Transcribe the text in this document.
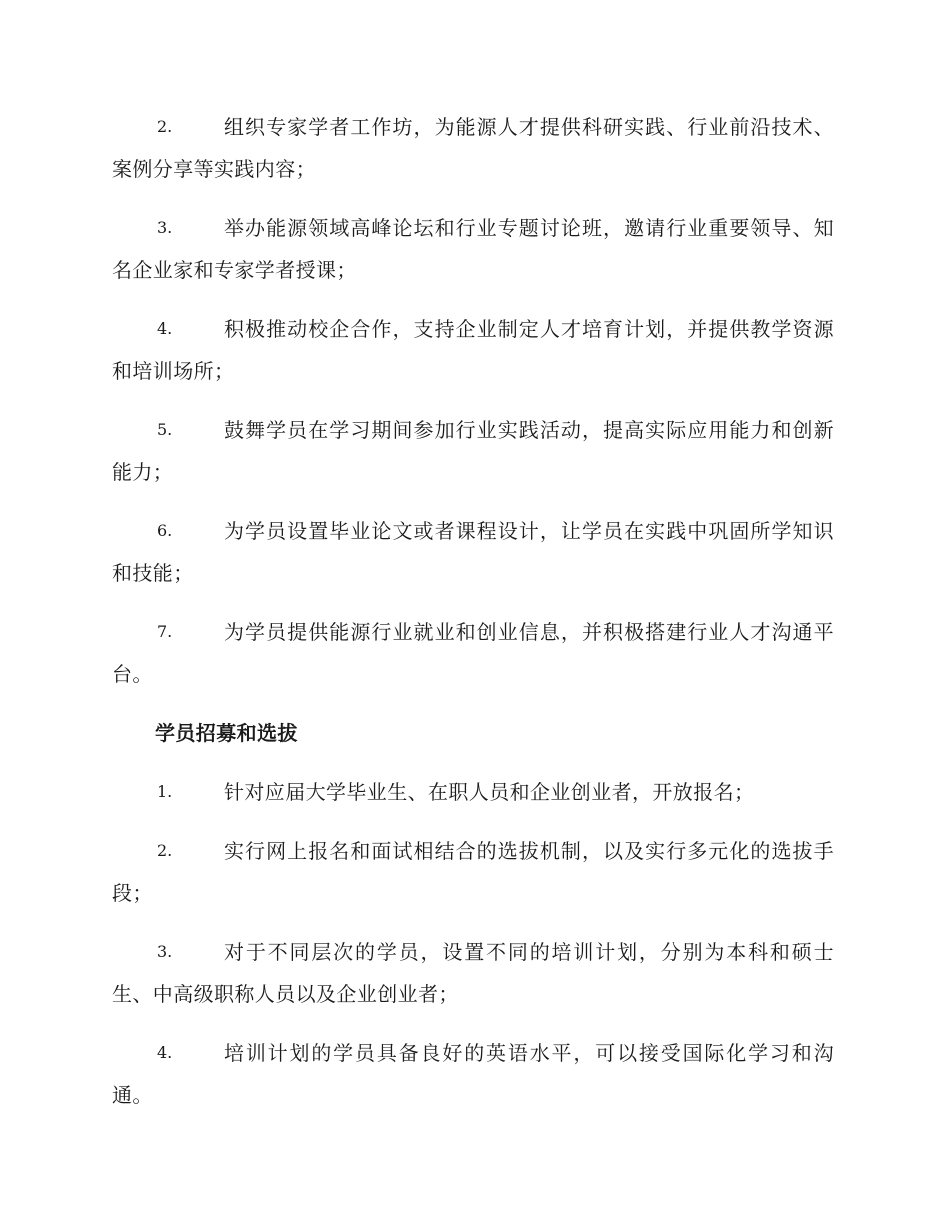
2.	组织专家学者工作坊，为能源人才提供科研实践、行业前沿技术、案例分享等实践内容；
3.	举办能源领域高峰论坛和行业专题讨论班，邀请行业重要领导、知名企业家和专家学者授课；
4.	积极推动校企合作，支持企业制定人才培育计划，并提供教学资源和培训场所；
5.	鼓舞学员在学习期间参加行业实践活动，提高实际应用能力和创新能力；
6.	为学员设置毕业论文或者课程设计，让学员在实践中巩固所学知识和技能；
7.	为学员提供能源行业就业和创业信息，并积极搭建行业人才沟通平台。
学员招募和选拔
1.	针对应届大学毕业生、在职人员和企业创业者，开放报名；
2.	实行网上报名和面试相结合的选拔机制，以及实行多元化的选拔手段；
3.	对于不同层次的学员，设置不同的培训计划，分别为本科和硕士生、中高级职称人员以及企业创业者；
4.	培训计划的学员具备良好的英语水平，可以接受国际化学习和沟通。
